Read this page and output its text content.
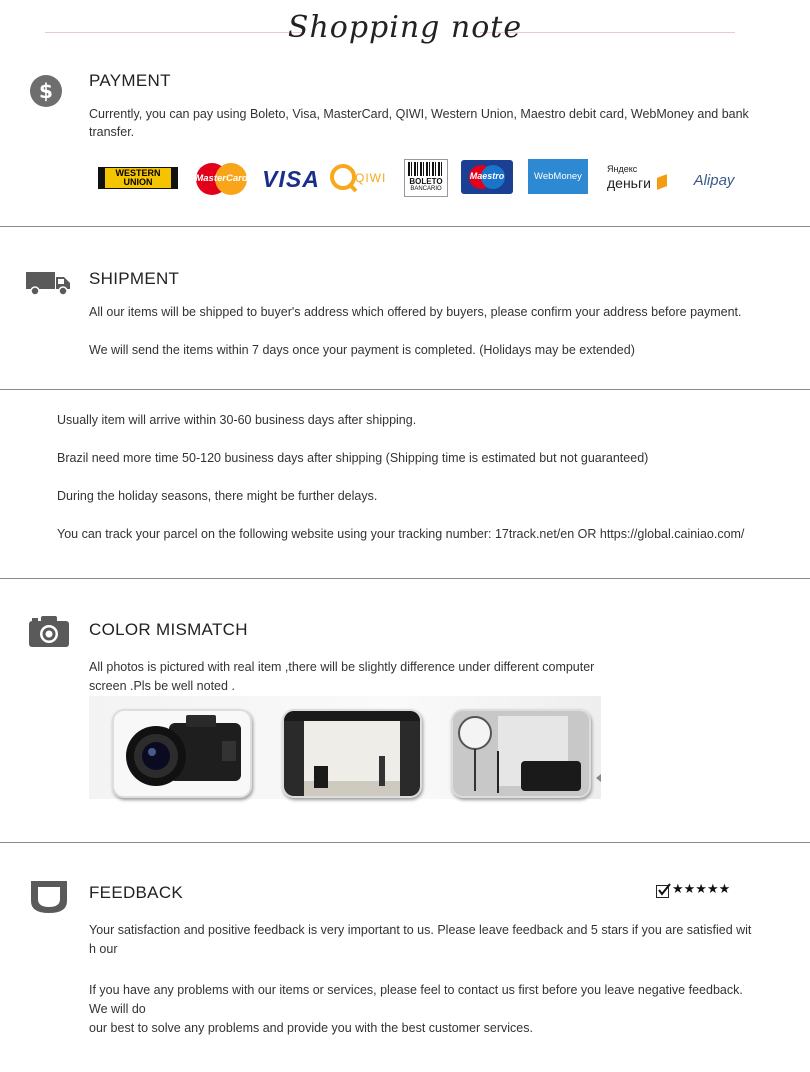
Shopping note
$ PAYMENT
Currently, you can pay using Boleto, Visa, MasterCard, QIWI, Western Union, Maestro debit card, WebMoney and bank transfer.
WESTERN
UNION	MasterCard VISA	QIWI	BOLETO
BANCARIO
Maestro	WebMoney
Яндекс
деньги	Alipay
SHIPMENT
All our items will be shipped to buyer's address which offered by buyers, please confirm your address before payment.
We will send the items within 7 days once your payment is completed. (Holidays may be extended)
Usually item will arrive within 30-60 business days after shipping.
Brazil need more time 50-120 business days after shipping (Shipping time is estimated but not guaranteed)
During the holiday seasons, there might be further delays.
You can track your parcel on the following website using your tracking number: 17track.net/en OR https://global.cainiao.com/
COLOR MISMATCH
All photos is pictured with real item ,there will be slightly difference under different computer
screen .Pls be well noted .
FEEDBACK	★★★★★
Your satisfaction and positive feedback is very important to us. Please leave feedback and 5 stars if you are satisfied wit
h our
If you have any problems with our items or services, please feel to contact us first before you leave negative feedback.
We will do
our best to solve any problems and provide you with the best customer services.
